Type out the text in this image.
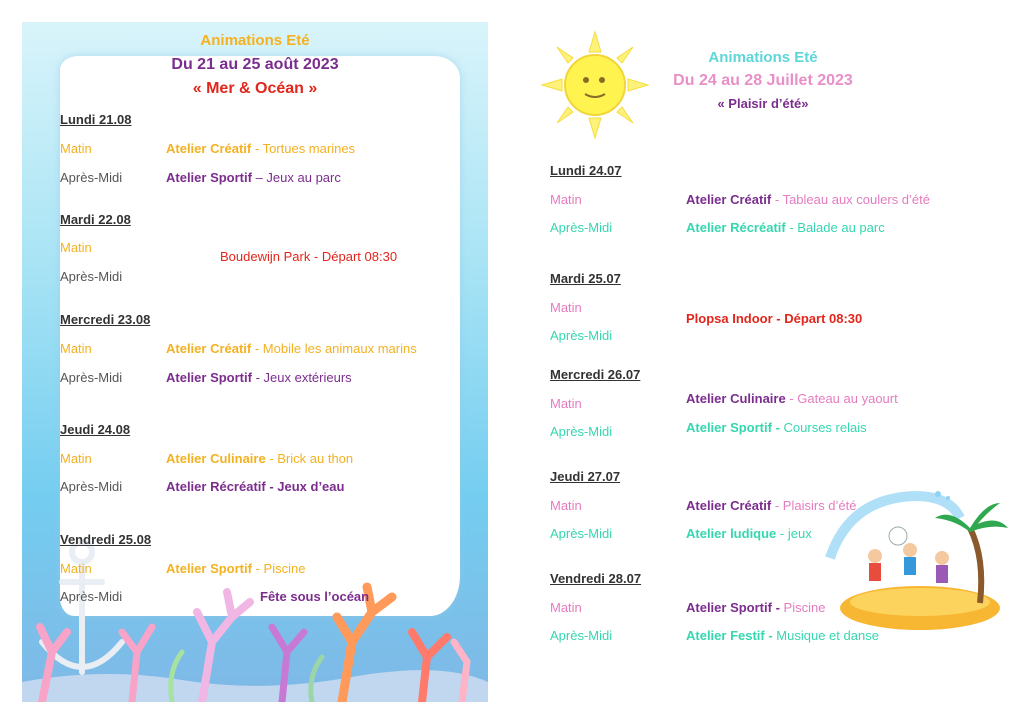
Animations Eté
Du 21 au 25 août 2023
« Mer & Océan »
Lundi 21.08
Matin
Après-Midi
Atelier Créatif - Tortues marines
Atelier Sportif – Jeux au parc
Mardi 22.08
Matin
Après-Midi
Boudewijn Park - Départ 08:30
Mercredi 23.08
Matin
Après-Midi
Atelier Créatif - Mobile les animaux marins
Atelier Sportif - Jeux extérieurs
Jeudi 24.08
Matin
Après-Midi
Atelier Culinaire - Brick au thon
Atelier Récréatif - Jeux d’eau
Vendredi 25.08
Matin
Après-Midi
Atelier Sportif - Piscine
Fête sous l’océan
Animations Eté
Du 24 au 28 Juillet 2023
« Plaisir d’été»
Lundi 24.07
Matin
Après-Midi
Atelier Créatif - Tableau aux coulers d’été
Atelier Récréatif - Balade au parc
Mardi 25.07
Matin
Après-Midi
Plopsa Indoor - Départ 08:30
Mercredi 26.07
Matin
Après-Midi
Atelier Culinaire - Gateau au yaourt
Atelier Sportif - Courses relais
Jeudi 27.07
Matin
Après-Midi
Atelier Créatif - Plaisirs d’été
Atelier ludique - jeux
Vendredi 28.07
Matin
Après-Midi
Atelier Sportif - Piscine
Atelier Festif - Musique et danse
